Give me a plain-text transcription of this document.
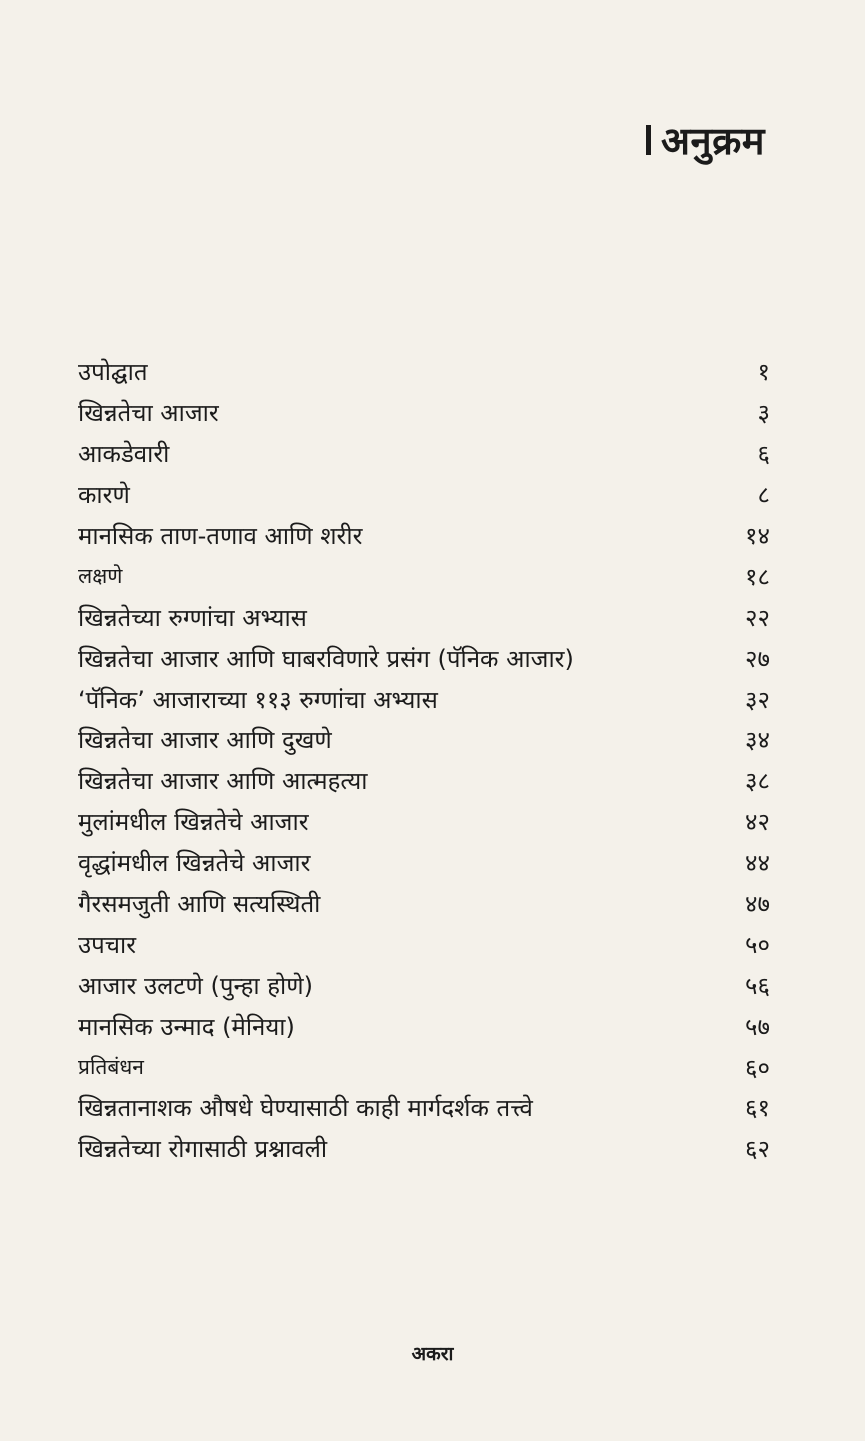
अनुक्रम
उपोद्घात	१
खिन्नतेचा आजार	३
आकडेवारी	६
कारणे	८
मानसिक ताण-तणाव आणि शरीर	१४
लक्षणे	१८
खिन्नतेच्या रुग्णांचा अभ्यास	२२
खिन्नतेचा आजार आणि घाबरविणारे प्रसंग (पॅनिक आजार)	२७
‘पॅनिक’ आजाराच्या ११३ रुग्णांचा अभ्यास	३२
खिन्नतेचा आजार आणि दुखणे	३४
खिन्नतेचा आजार आणि आत्महत्या	३८
मुलांमधील खिन्नतेचे आजार	४२
वृद्धांमधील खिन्नतेचे आजार	४४
गैरसमजुती आणि सत्यस्थिती	४७
उपचार	५०
आजार उलटणे (पुन्हा होणे)	५६
मानसिक उन्माद (मेनिया)	५७
प्रतिबंधन	६०
खिन्नतानाशक औषधे घेण्यासाठी काही मार्गदर्शक तत्त्वे	६१
खिन्नतेच्या रोगासाठी प्रश्नावली	६२
अकरा
